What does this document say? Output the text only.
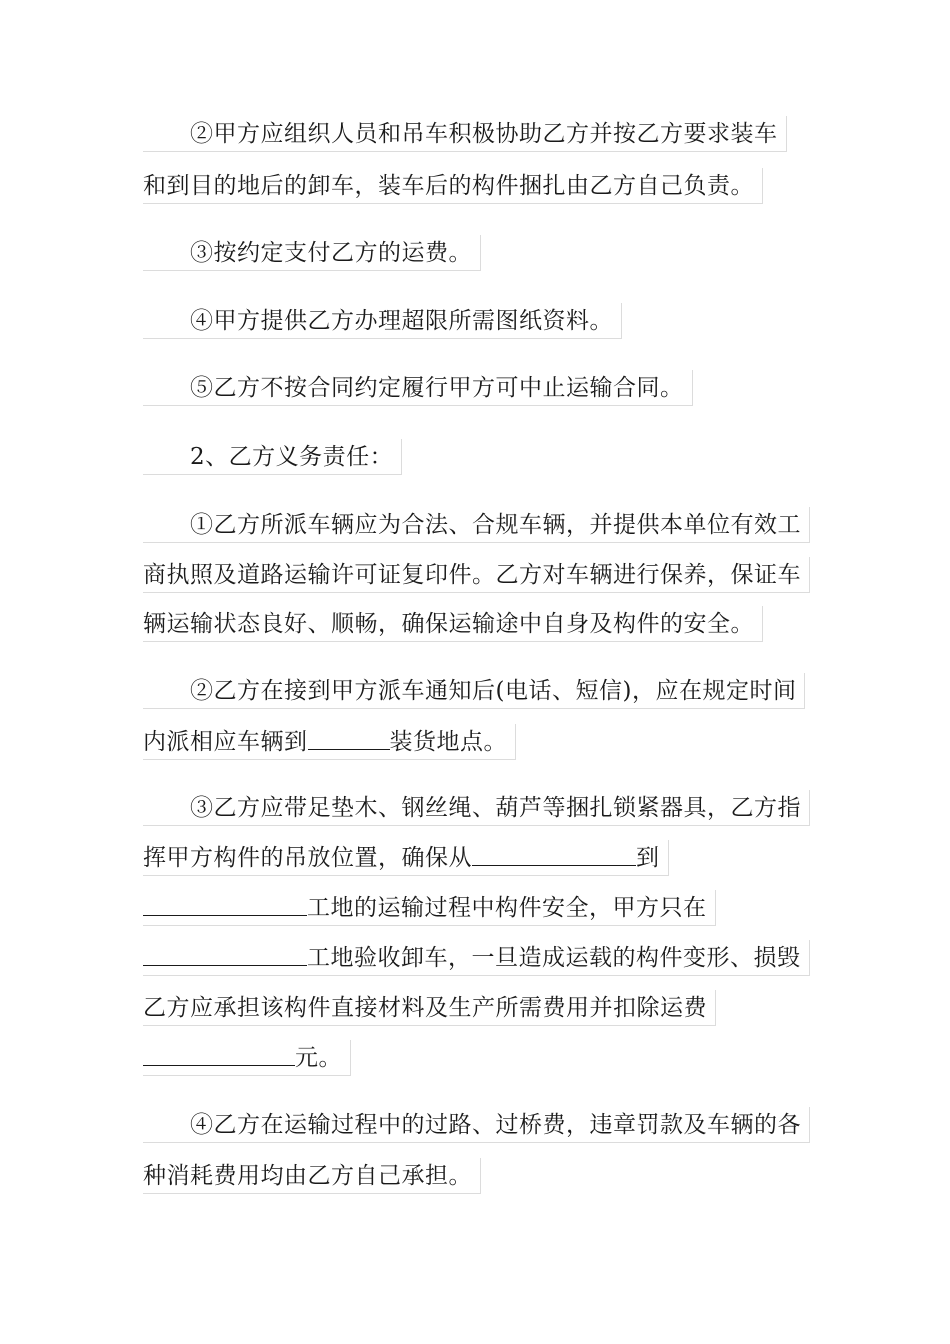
　　②甲方应组织人员和吊车积极协助乙方并按乙方要求装车
和到目的地后的卸车，装车后的构件捆扎由乙方自己负责。
　　③按约定支付乙方的运费。
　　④甲方提供乙方办理超限所需图纸资料。
　　⑤乙方不按合同约定履行甲方可中止运输合同。
　　2、乙方义务责任：
　　①乙方所派车辆应为合法、合规车辆，并提供本单位有效工
商执照及道路运输许可证复印件。乙方对车辆进行保养，保证车
辆运输状态良好、顺畅，确保运输途中自身及构件的安全。
　　②乙方在接到甲方派车通知后(电话、短信)，应在规定时间
内派相应车辆到	装货地点。
　　③乙方应带足垫木、钢丝绳、葫芦等捆扎锁紧器具，乙方指
挥甲方构件的吊放位置，确保从	到
工地的运输过程中构件安全，甲方只在
工地验收卸车，一旦造成运载的构件变形、损毁
乙方应承担该构件直接材料及生产所需费用并扣除运费
元。
　　④乙方在运输过程中的过路、过桥费，违章罚款及车辆的各
种消耗费用均由乙方自己承担。
